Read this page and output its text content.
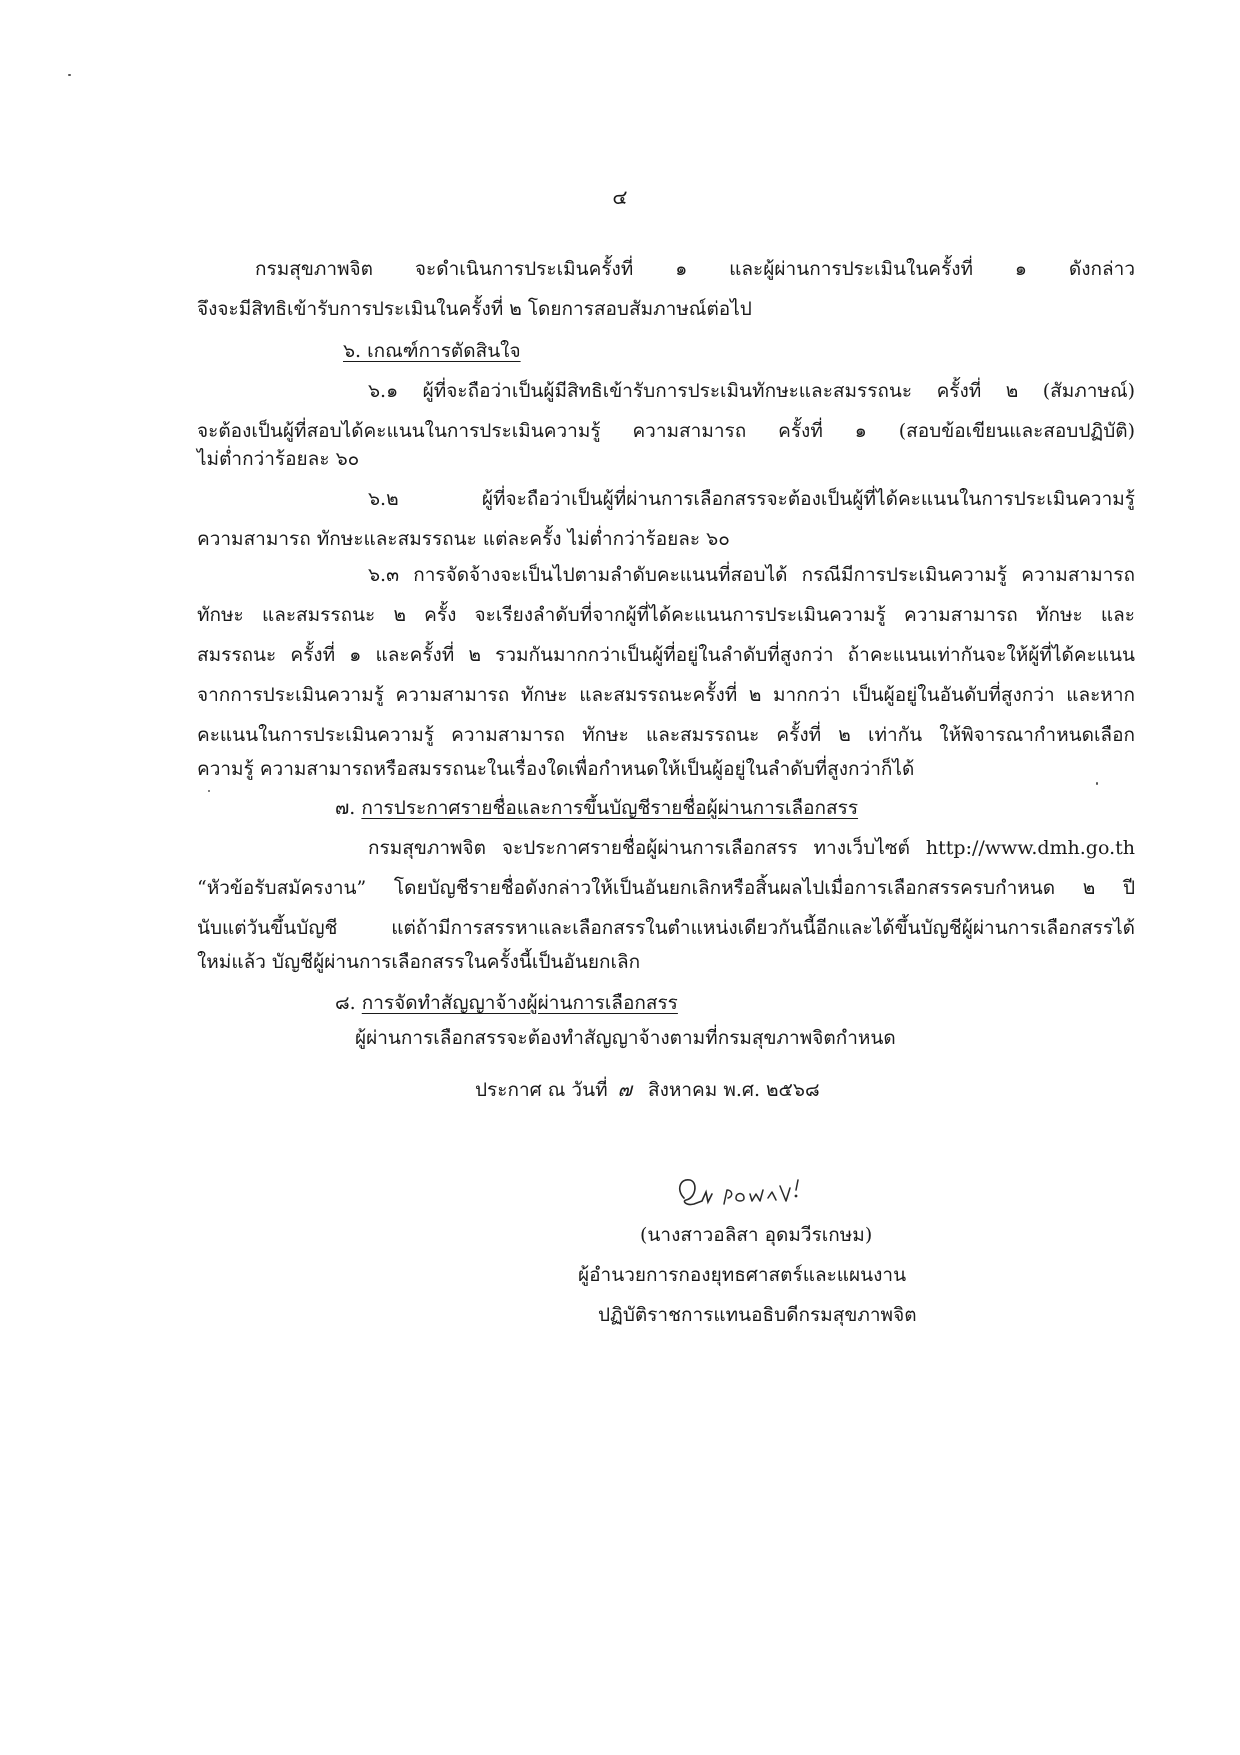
๔
กรมสุขภาพจิต จะดำเนินการประเมินครั้งที่ ๑ และผู้ผ่านการประเมินในครั้งที่ ๑ ดังกล่าว
จึงจะมีสิทธิเข้ารับการประเมินในครั้งที่ ๒ โดยการสอบสัมภาษณ์ต่อไป
๖. เกณฑ์การตัดสินใจ
๖.๑ ผู้ที่จะถือว่าเป็นผู้มีสิทธิเข้ารับการประเมินทักษะและสมรรถนะ ครั้งที่ ๒ (สัมภาษณ์)
จะต้องเป็นผู้ที่สอบได้คะแนนในการประเมินความรู้ ความสามารถ ครั้งที่ ๑ (สอบข้อเขียนและสอบปฏิบัติ)
ไม่ต่ำกว่าร้อยละ ๖๐
๖.๒ ผู้ที่จะถือว่าเป็นผู้ที่ผ่านการเลือกสรรจะต้องเป็นผู้ที่ได้คะแนนในการประเมินความรู้
ความสามารถ ทักษะและสมรรถนะ แต่ละครั้ง ไม่ต่ำกว่าร้อยละ ๖๐
๖.๓ การจัดจ้างจะเป็นไปตามลำดับคะแนนที่สอบได้ กรณีมีการประเมินความรู้ ความสามารถ
ทักษะ และสมรรถนะ ๒ ครั้ง จะเรียงลำดับที่จากผู้ที่ได้คะแนนการประเมินความรู้ ความสามารถ ทักษะ และ
สมรรถนะ ครั้งที่ ๑ และครั้งที่ ๒ รวมกันมากกว่าเป็นผู้ที่อยู่ในลำดับที่สูงกว่า ถ้าคะแนนเท่ากันจะให้ผู้ที่ได้คะแนน
จากการประเมินความรู้ ความสามารถ ทักษะ และสมรรถนะครั้งที่ ๒ มากกว่า เป็นผู้อยู่ในอันดับที่สูงกว่า และหาก
คะแนนในการประเมินความรู้ ความสามารถ ทักษะ และสมรรถนะ ครั้งที่ ๒ เท่ากัน ให้พิจารณากำหนดเลือก
ความรู้ ความสามารถหรือสมรรถนะในเรื่องใดเพื่อกำหนดให้เป็นผู้อยู่ในลำดับที่สูงกว่าก็ได้
๗. การประกาศรายชื่อและการขึ้นบัญชีรายชื่อผู้ผ่านการเลือกสรร
กรมสุขภาพจิต จะประกาศรายชื่อผู้ผ่านการเลือกสรร ทางเว็บไซต์ http://www.dmh.go.th
“หัวข้อรับสมัครงาน” โดยบัญชีรายชื่อดังกล่าวให้เป็นอันยกเลิกหรือสิ้นผลไปเมื่อการเลือกสรรครบกำหนด ๒ ปี
นับแต่วันขึ้นบัญชี แต่ถ้ามีการสรรหาและเลือกสรรในตำแหน่งเดียวกันนี้อีกและได้ขึ้นบัญชีผู้ผ่านการเลือกสรรได้
ใหม่แล้ว บัญชีผู้ผ่านการเลือกสรรในครั้งนี้เป็นอันยกเลิก
๘. การจัดทำสัญญาจ้างผู้ผ่านการเลือกสรร
ผู้ผ่านการเลือกสรรจะต้องทำสัญญาจ้างตามที่กรมสุขภาพจิตกำหนด
ประกาศ ณ วันที่ ๗ สิงหาคม พ.ศ. ๒๕๖๘
(นางสาวอลิสา อุดมวีรเกษม)
ผู้อำนวยการกองยุทธศาสตร์และแผนงาน
ปฏิบัติราชการแทนอธิบดีกรมสุขภาพจิต
